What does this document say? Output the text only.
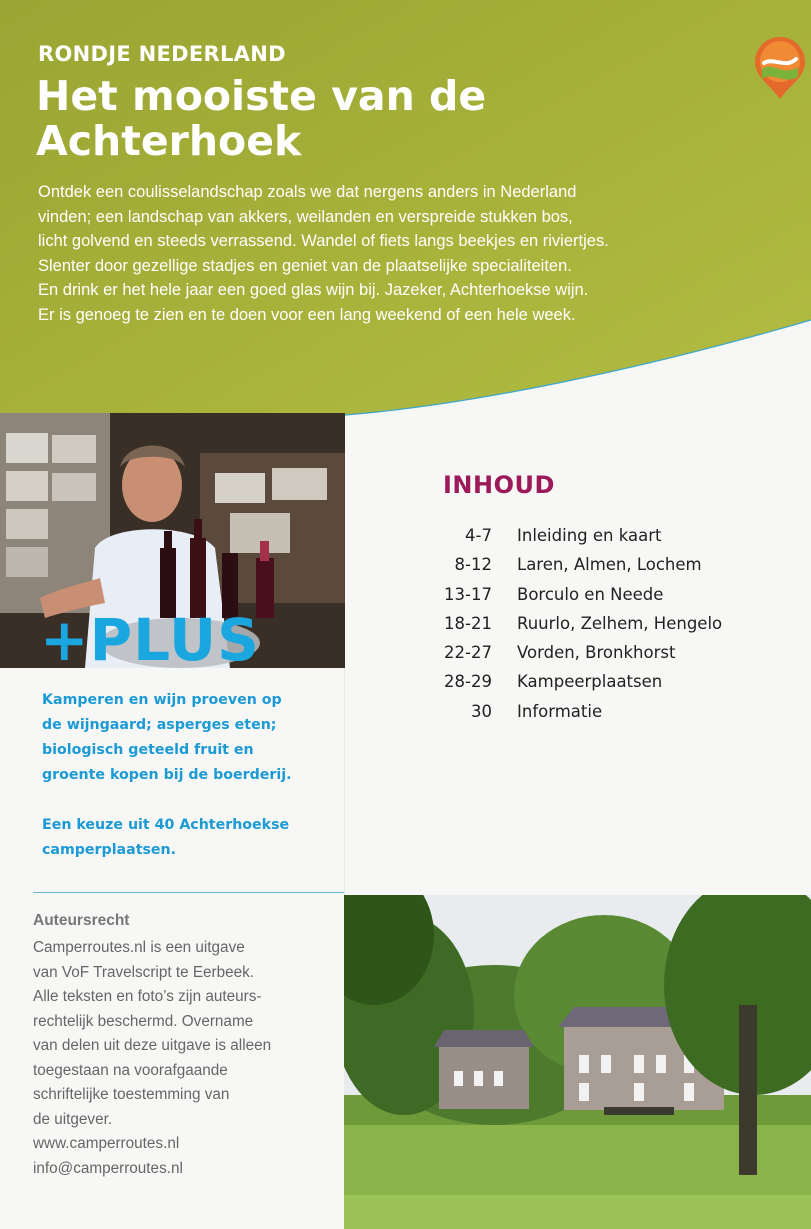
RONDJE NEDERLAND
Het mooiste van de Achterhoek
Ontdek een coulisselandschap zoals we dat nergens anders in Nederland
vinden; een landschap van akkers, weilanden en verspreide stukken bos,
licht golvend en steeds verrassend. Wandel of fiets langs beekjes en riviertjes.
Slenter door gezellige stadjes en geniet van de plaatselijke specialiteiten.
En drink er het hele jaar een goed glas wijn bij. Jazeker, Achterhoekse wijn.
Er is genoeg te zien en te doen voor een lang weekend of een hele week.
+PLUS
Kamperen en wijn proeven op
de wijngaard; asperges eten;
biologisch geteeld fruit en
groente kopen bij de boerderij.
Een keuze uit 40 Achterhoekse
camperplaatsen.
INHOUD
4-7 Inleiding en kaart
8-12 Laren, Almen, Lochem
13-17 Borculo en Neede
18-21 Ruurlo, Zelhem, Hengelo
22-27 Vorden, Bronkhorst
28-29 Kampeerplaatsen
30 Informatie
Auteursrecht
Camperroutes.nl is een uitgave
van VoF Travelscript te Eerbeek.
Alle teksten en foto’s zijn auteurs-
rechtelijk beschermd. Overname
van delen uit deze uitgave is alleen
toegestaan na voorafgaande
schriftelijke toestemming van
de uitgever.
www.camperroutes.nl
info@camperroutes.nl
